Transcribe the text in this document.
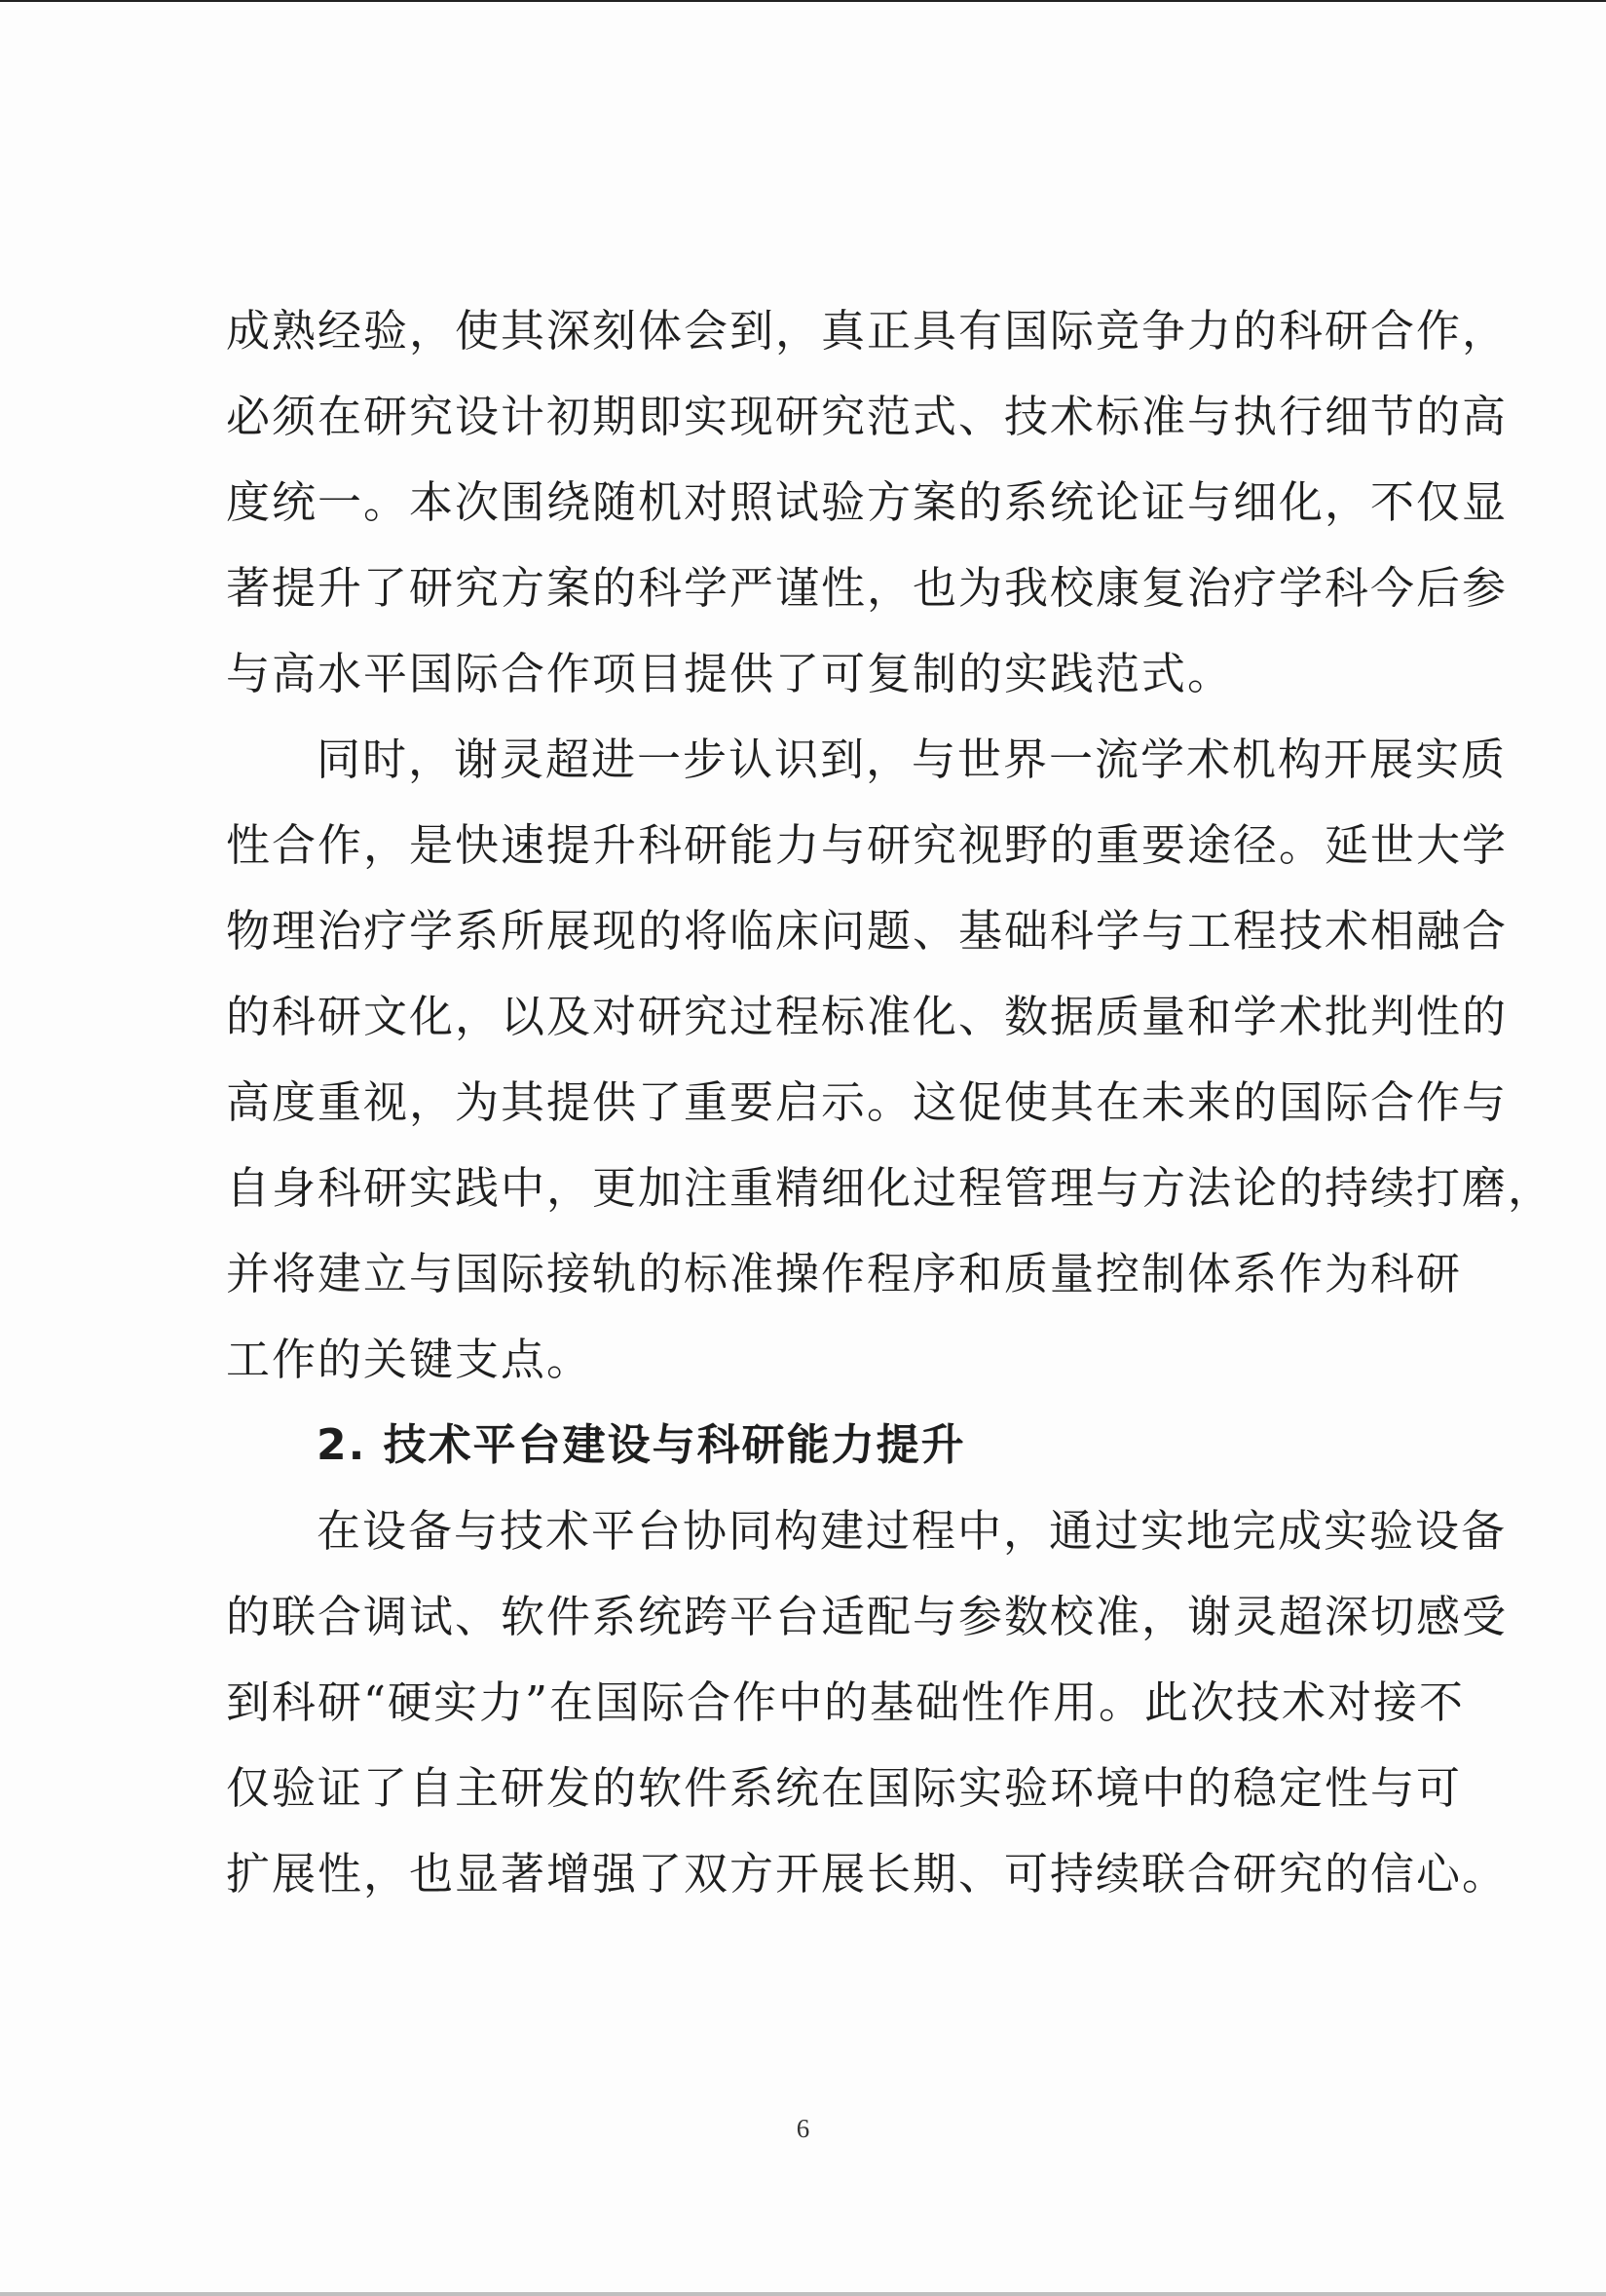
成熟经验，使其深刻体会到，真正具有国际竞争力的科研合作，
必须在研究设计初期即实现研究范式、技术标准与执行细节的高
度统一。本次围绕随机对照试验方案的系统论证与细化，不仅显
著提升了研究方案的科学严谨性，也为我校康复治疗学科今后参
与高水平国际合作项目提供了可复制的实践范式。
同时，谢灵超进一步认识到，与世界一流学术机构开展实质
性合作，是快速提升科研能力与研究视野的重要途径。延世大学
物理治疗学系所展现的将临床问题、基础科学与工程技术相融合
的科研文化，以及对研究过程标准化、数据质量和学术批判性的
高度重视，为其提供了重要启示。这促使其在未来的国际合作与
自身科研实践中，更加注重精细化过程管理与方法论的持续打磨，
并将建立与国际接轨的标准操作程序和质量控制体系作为科研
工作的关键支点。
2. 技术平台建设与科研能力提升
在设备与技术平台协同构建过程中，通过实地完成实验设备
的联合调试、软件系统跨平台适配与参数校准，谢灵超深切感受
到科研“硬实力”在国际合作中的基础性作用。此次技术对接不
仅验证了自主研发的软件系统在国际实验环境中的稳定性与可
扩展性，也显著增强了双方开展长期、可持续联合研究的信心。
6
